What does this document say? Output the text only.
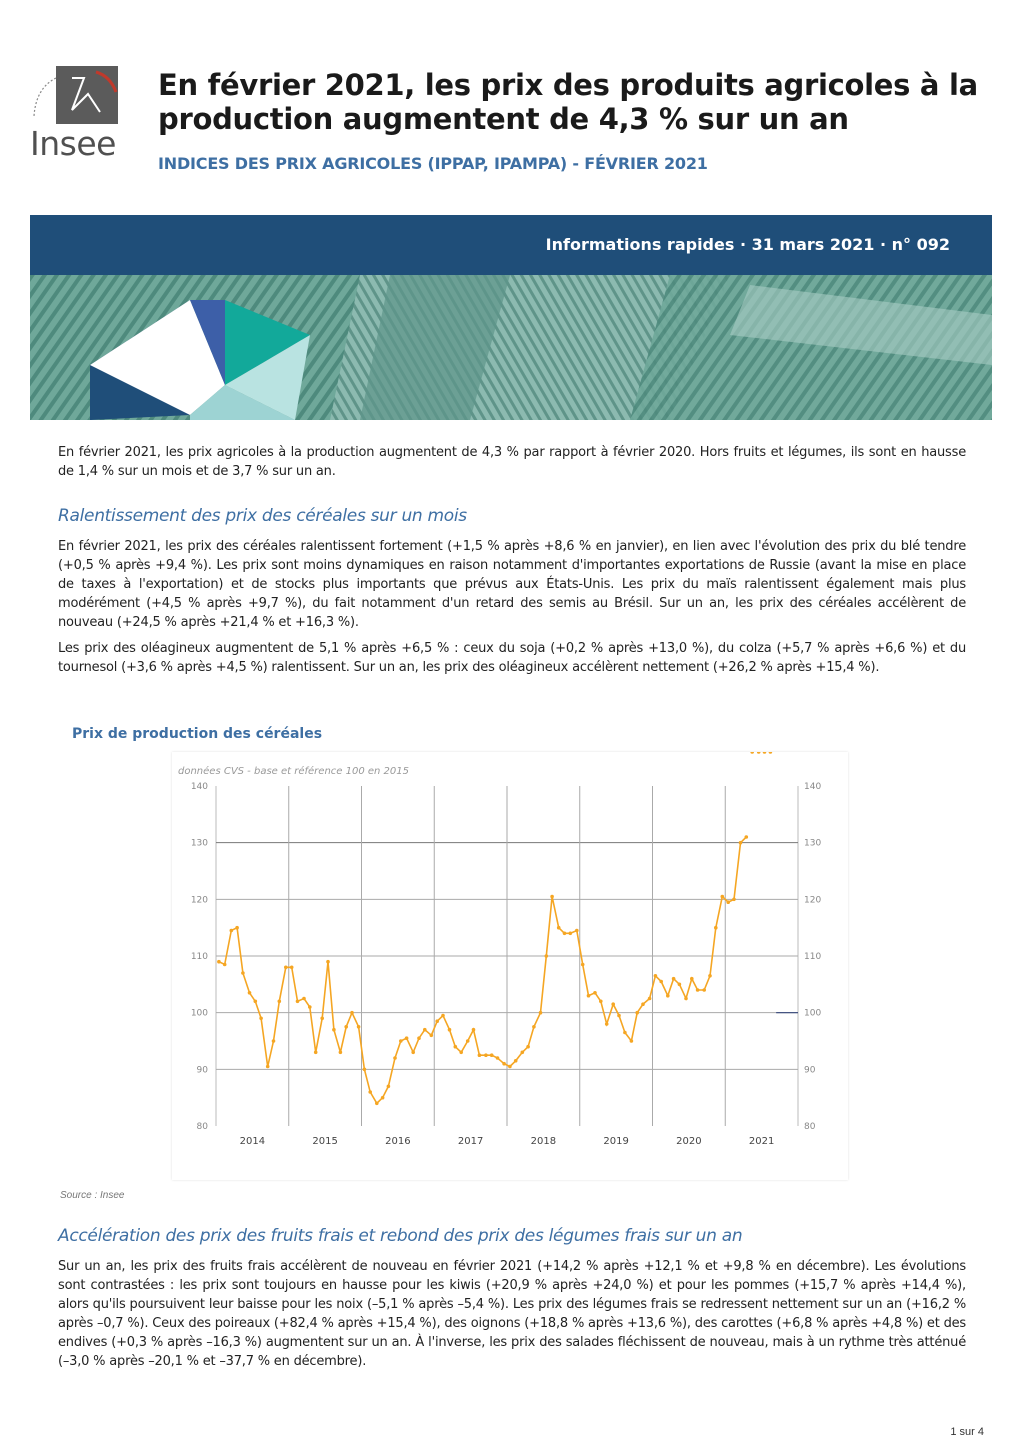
Insee
En février 2021, les prix des produits agricoles à la production augmentent de 4,3 % sur un an
INDICES DES PRIX AGRICOLES (IPPAP, IPAMPA) - FÉVRIER 2021
Informations rapides · 31 mars 2021 · n° 092

En février 2021, les prix agricoles à la production augmentent de 4,3 % par rapport à février 2020. Hors fruits et légumes, ils sont en hausse de 1,4 % sur un mois et de 3,7 % sur un an.

Ralentissement des prix des céréales sur un mois

En février 2021, les prix des céréales ralentissent fortement (+1,5 % après +8,6 % en janvier), en lien avec l'évolution des prix du blé tendre (+0,5 % après +9,4 %). Les prix sont moins dynamiques en raison notamment d'importantes exportations de Russie (avant la mise en place de taxes à l'exportation) et de stocks plus importants que prévus aux États-Unis. Les prix du maïs ralentissent également mais plus modérément (+4,5 % après +9,7 %), du fait notamment d'un retard des semis au Brésil. Sur un an, les prix des céréales accélèrent de nouveau (+24,5 % après +21,4 % et +16,3 %).

Les prix des oléagineux augmentent de 5,1 % après +6,5 % : ceux du soja (+0,2 % après +13,0 %), du colza (+5,7 % après +6,6 %) et du tournesol (+3,6 % après +4,5 %) ralentissent. Sur un an, les prix des oléagineux accélèrent nettement (+26,2 % après +15,4 %).

Prix de production des céréales
données CVS - base et référence 100 en 2015
80	80
90	90
100	100
110	110
120	120
130	130
140	140
2014	2015	2016	2017	2018	2019	2020	2021
Source : Insee
Accélération des prix des fruits frais et rebond des prix des légumes frais sur un an

Sur un an, les prix des fruits frais accélèrent de nouveau en février 2021 (+14,2 % après +12,1 % et +9,8 % en décembre). Les évolutions sont contrastées : les prix sont toujours en hausse pour les kiwis (+20,9 % après +24,0 %) et pour les pommes (+15,7 % après +14,4 %), alors qu'ils poursuivent leur baisse pour les noix (–5,1 % après –5,4 %). Les prix des légumes frais se redressent nettement sur un an (+16,2 % après –0,7 %). Ceux des poireaux (+82,4 % après +15,4 %), des oignons (+18,8 % après +13,6 %), des carottes (+6,8 % après +4,8 %) et des endives (+0,3 % après –16,3 %) augmentent sur un an. À l'inverse, les prix des salades fléchissent de nouveau, mais à un rythme très atténué (–3,0 % après –20,1 % et –37,7 % en décembre).

1 sur 4
